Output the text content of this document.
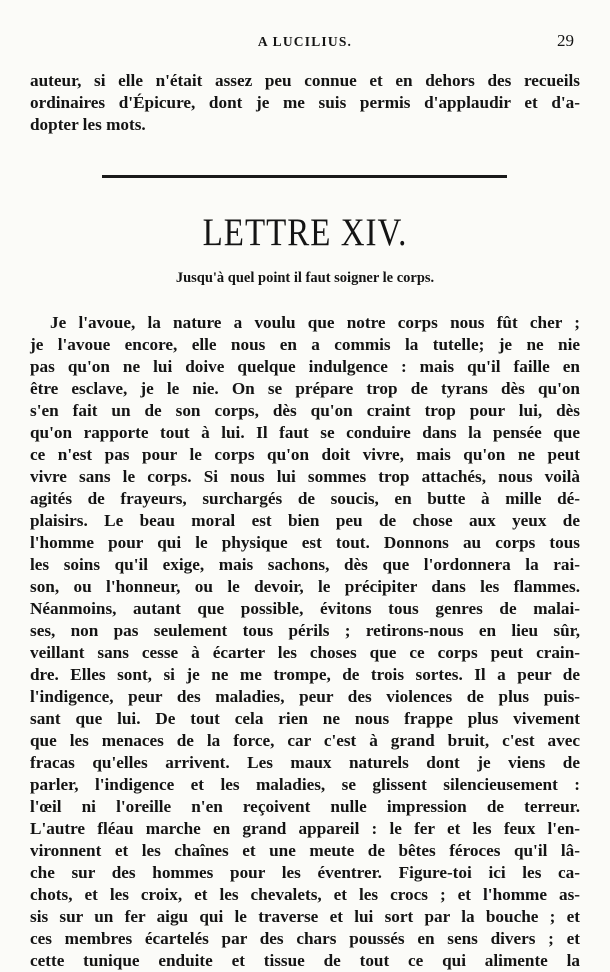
A LUCILIUS.	29
auteur, si elle n'était assez peu connue et en dehors des recueils
ordinaires d'Épicure, dont je me suis permis d'applaudir et d'a-
dopter les mots.
LETTRE XIV.
Jusqu'à quel point il faut soigner le corps.
Je l'avoue, la nature a voulu que notre corps nous fût cher ;
je l'avoue encore, elle nous en a commis la tutelle; je ne nie
pas qu'on ne lui doive quelque indulgence : mais qu'il faille en
être esclave, je le nie. On se prépare trop de tyrans dès qu'on
s'en fait un de son corps, dès qu'on craint trop pour lui, dès
qu'on rapporte tout à lui. Il faut se conduire dans la pensée que
ce n'est pas pour le corps qu'on doit vivre, mais qu'on ne peut
vivre sans le corps. Si nous lui sommes trop attachés, nous voilà
agités de frayeurs, surchargés de soucis, en butte à mille dé-
plaisirs. Le beau moral est bien peu de chose aux yeux de
l'homme pour qui le physique est tout. Donnons au corps tous
les soins qu'il exige, mais sachons, dès que l'ordonnera la rai-
son, ou l'honneur, ou le devoir, le précipiter dans les flammes.
Néanmoins, autant que possible, évitons tous genres de malai-
ses, non pas seulement tous périls ; retirons-nous en lieu sûr,
veillant sans cesse à écarter les choses que ce corps peut crain-
dre. Elles sont, si je ne me trompe, de trois sortes. Il a peur de
l'indigence, peur des maladies, peur des violences de plus puis-
sant que lui. De tout cela rien ne nous frappe plus vivement
que les menaces de la force, car c'est à grand bruit, c'est avec
fracas qu'elles arrivent. Les maux naturels dont je viens de
parler, l'indigence et les maladies, se glissent silencieusement :
l'œil ni l'oreille n'en reçoivent nulle impression de terreur.
L'autre fléau marche en grand appareil : le fer et les feux l'en-
vironnent et les chaînes et une meute de bêtes féroces qu'il lâ-
che sur des hommes pour les éventrer. Figure-toi ici les ca-
chots, et les croix, et les chevalets, et les crocs ; et l'homme as-
sis sur un fer aigu qui le traverse et lui sort par la bouche ; et
ces membres écartelés par des chars poussés en sens divers ; et
cette tunique enduite et tissue de tout ce qui alimente la
